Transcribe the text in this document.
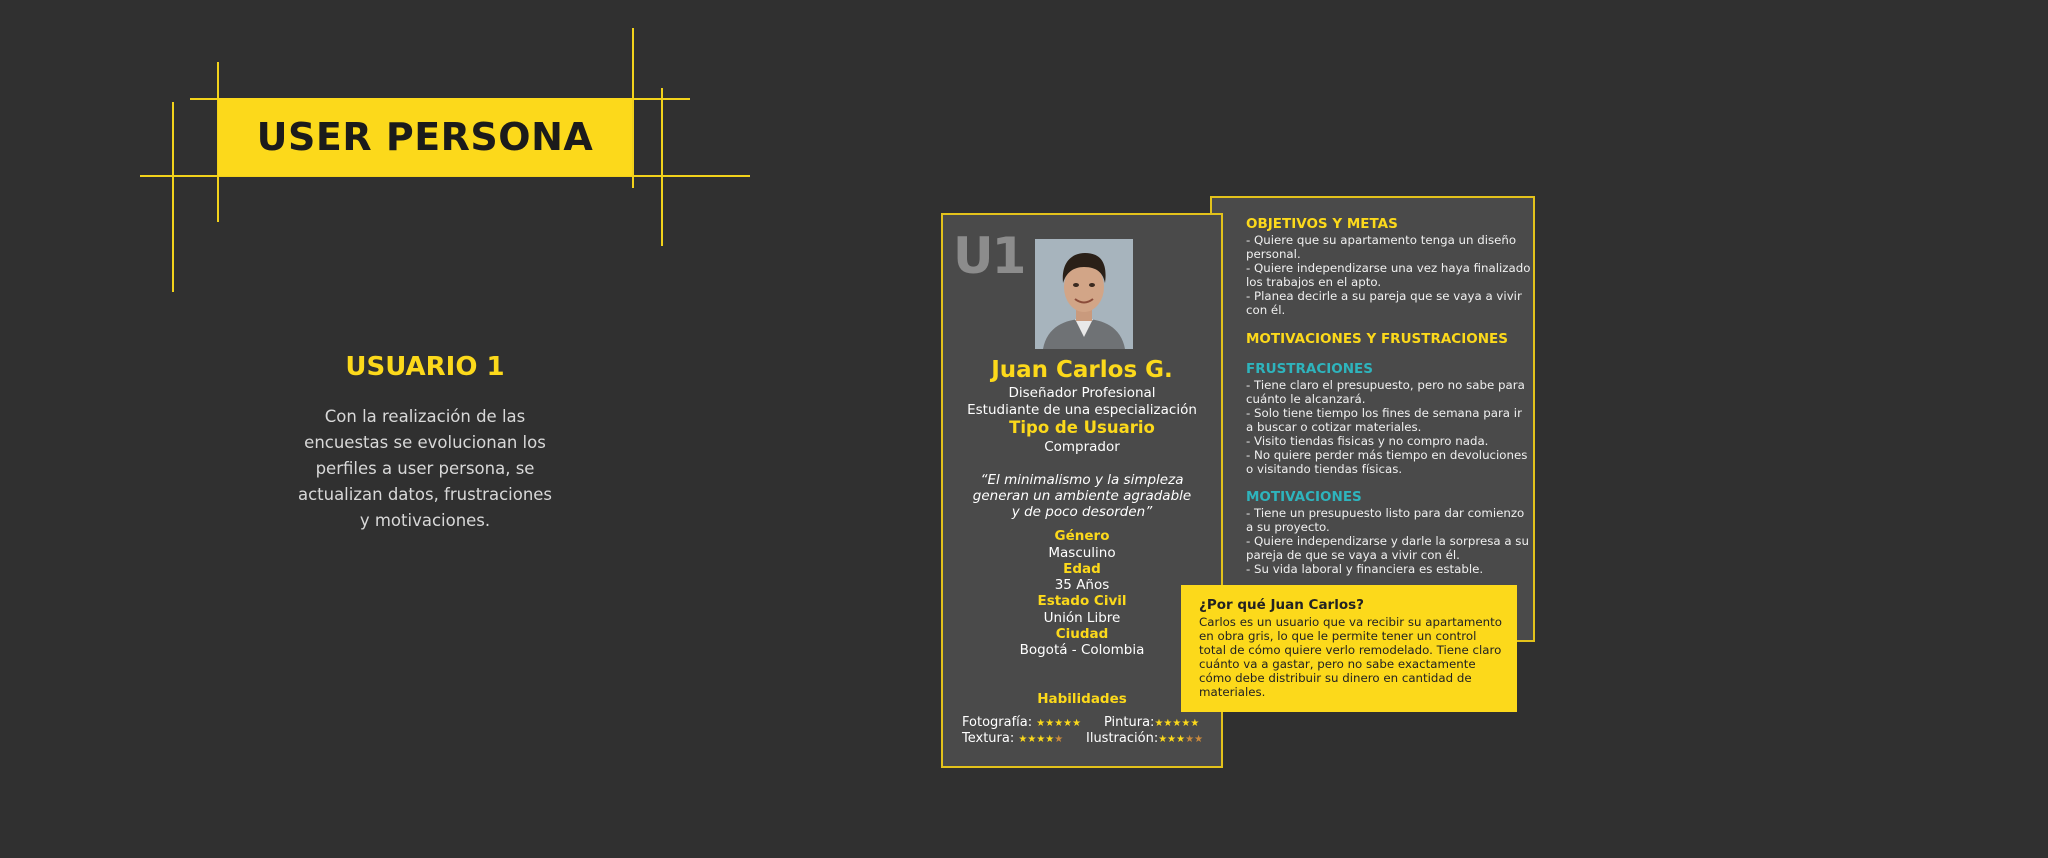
USER PERSONA
USUARIO 1
Con la realización de las encuestas se evolucionan los perfiles a user persona, se actualizan datos, frustraciones y motivaciones.
OBJETIVOS Y METAS
- Quiere que su apartamento tenga un diseño personal.
- Quiere independizarse una vez haya finalizado los trabajos en el apto.
- Planea decirle a su pareja que se vaya a vivir con él.
MOTIVACIONES Y FRUSTRACIONES
FRUSTRACIONES
- Tiene claro el presupuesto, pero no sabe para cuánto le alcanzará.
- Solo tiene tiempo los fines de semana para ir a buscar o cotizar materiales.
- Visito tiendas fisicas y no compro nada.
- No quiere perder más tiempo en devoluciones o visitando tiendas físicas.
MOTIVACIONES
- Tiene un presupuesto listo para dar comienzo a su proyecto.
- Quiere independizarse y darle la sorpresa a su pareja de que se vaya a vivir con él.
- Su vida laboral y financiera es estable.
U1
Juan Carlos G.
Diseñador Profesional
Estudiante de una especialización
Tipo de Usuario
Comprador
“El minimalismo y la simpleza
generan un ambiente agradable
y de poco desorden”
Género
Masculino
Edad
35 Años
Estado Civil
Unión Libre
Ciudad
Bogotá - Colombia
Habilidades
Fotografía: ★★★★★ Pintura:★★★★★
Textura: ★★★★★ Ilustración:★★★★★
¿Por qué Juan Carlos?
Carlos es un usuario que va recibir su apartamento en obra gris, lo que le permite tener un control total de cómo quiere verlo remodelado. Tiene claro cuánto va a gastar, pero no sabe exactamente cómo debe distribuir su dinero en cantidad de materiales.
